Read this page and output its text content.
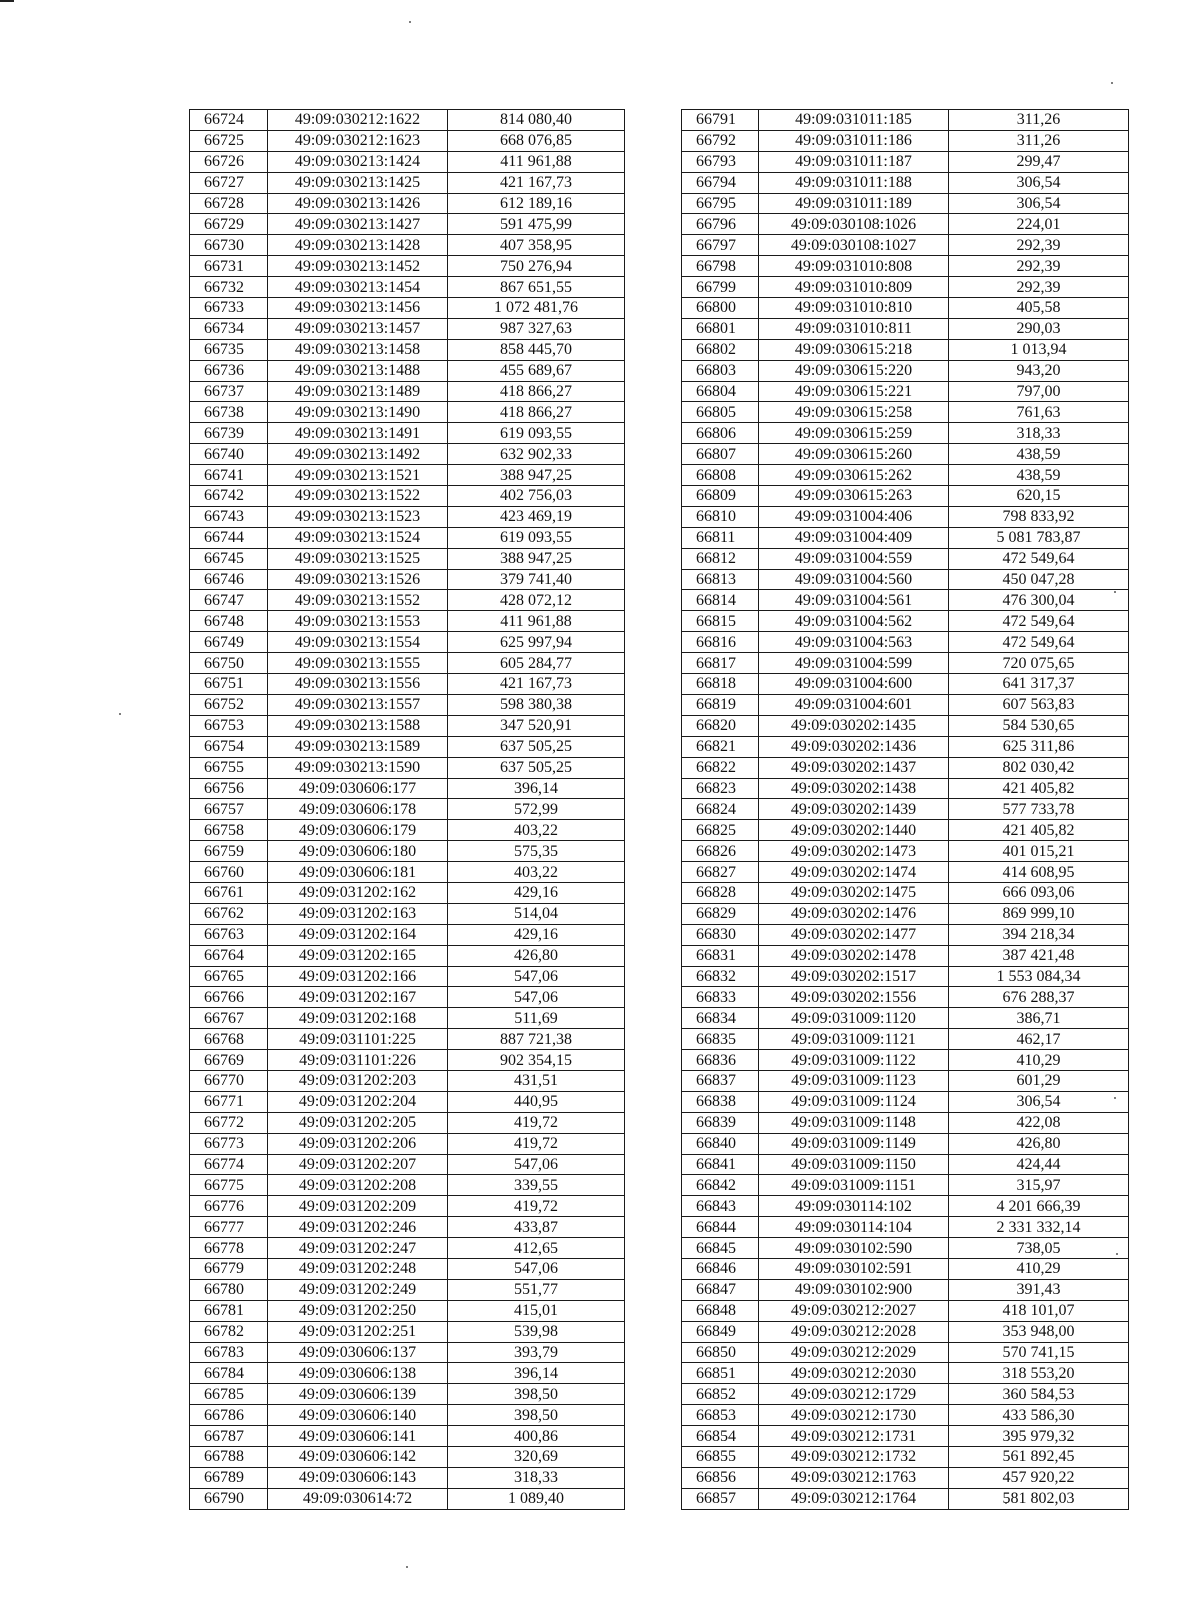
66724	49:09:030212:1622	814 080,40
66725	49:09:030212:1623	668 076,85
66726	49:09:030213:1424	411 961,88
66727	49:09:030213:1425	421 167,73
66728	49:09:030213:1426	612 189,16
66729	49:09:030213:1427	591 475,99
66730	49:09:030213:1428	407 358,95
66731	49:09:030213:1452	750 276,94
66732	49:09:030213:1454	867 651,55
66733	49:09:030213:1456	1 072 481,76
66734	49:09:030213:1457	987 327,63
66735	49:09:030213:1458	858 445,70
66736	49:09:030213:1488	455 689,67
66737	49:09:030213:1489	418 866,27
66738	49:09:030213:1490	418 866,27
66739	49:09:030213:1491	619 093,55
66740	49:09:030213:1492	632 902,33
66741	49:09:030213:1521	388 947,25
66742	49:09:030213:1522	402 756,03
66743	49:09:030213:1523	423 469,19
66744	49:09:030213:1524	619 093,55
66745	49:09:030213:1525	388 947,25
66746	49:09:030213:1526	379 741,40
66747	49:09:030213:1552	428 072,12
66748	49:09:030213:1553	411 961,88
66749	49:09:030213:1554	625 997,94
66750	49:09:030213:1555	605 284,77
66751	49:09:030213:1556	421 167,73
66752	49:09:030213:1557	598 380,38
66753	49:09:030213:1588	347 520,91
66754	49:09:030213:1589	637 505,25
66755	49:09:030213:1590	637 505,25
66756	49:09:030606:177	396,14
66757	49:09:030606:178	572,99
66758	49:09:030606:179	403,22
66759	49:09:030606:180	575,35
66760	49:09:030606:181	403,22
66761	49:09:031202:162	429,16
66762	49:09:031202:163	514,04
66763	49:09:031202:164	429,16
66764	49:09:031202:165	426,80
66765	49:09:031202:166	547,06
66766	49:09:031202:167	547,06
66767	49:09:031202:168	511,69
66768	49:09:031101:225	887 721,38
66769	49:09:031101:226	902 354,15
66770	49:09:031202:203	431,51
66771	49:09:031202:204	440,95
66772	49:09:031202:205	419,72
66773	49:09:031202:206	419,72
66774	49:09:031202:207	547,06
66775	49:09:031202:208	339,55
66776	49:09:031202:209	419,72
66777	49:09:031202:246	433,87
66778	49:09:031202:247	412,65
66779	49:09:031202:248	547,06
66780	49:09:031202:249	551,77
66781	49:09:031202:250	415,01
66782	49:09:031202:251	539,98
66783	49:09:030606:137	393,79
66784	49:09:030606:138	396,14
66785	49:09:030606:139	398,50
66786	49:09:030606:140	398,50
66787	49:09:030606:141	400,86
66788	49:09:030606:142	320,69
66789	49:09:030606:143	318,33
66790	49:09:030614:72	1 089,40
66791	49:09:031011:185	311,26
66792	49:09:031011:186	311,26
66793	49:09:031011:187	299,47
66794	49:09:031011:188	306,54
66795	49:09:031011:189	306,54
66796	49:09:030108:1026	224,01
66797	49:09:030108:1027	292,39
66798	49:09:031010:808	292,39
66799	49:09:031010:809	292,39
66800	49:09:031010:810	405,58
66801	49:09:031010:811	290,03
66802	49:09:030615:218	1 013,94
66803	49:09:030615:220	943,20
66804	49:09:030615:221	797,00
66805	49:09:030615:258	761,63
66806	49:09:030615:259	318,33
66807	49:09:030615:260	438,59
66808	49:09:030615:262	438,59
66809	49:09:030615:263	620,15
66810	49:09:031004:406	798 833,92
66811	49:09:031004:409	5 081 783,87
66812	49:09:031004:559	472 549,64
66813	49:09:031004:560	450 047,28
66814	49:09:031004:561	476 300,04
66815	49:09:031004:562	472 549,64
66816	49:09:031004:563	472 549,64
66817	49:09:031004:599	720 075,65
66818	49:09:031004:600	641 317,37
66819	49:09:031004:601	607 563,83
66820	49:09:030202:1435	584 530,65
66821	49:09:030202:1436	625 311,86
66822	49:09:030202:1437	802 030,42
66823	49:09:030202:1438	421 405,82
66824	49:09:030202:1439	577 733,78
66825	49:09:030202:1440	421 405,82
66826	49:09:030202:1473	401 015,21
66827	49:09:030202:1474	414 608,95
66828	49:09:030202:1475	666 093,06
66829	49:09:030202:1476	869 999,10
66830	49:09:030202:1477	394 218,34
66831	49:09:030202:1478	387 421,48
66832	49:09:030202:1517	1 553 084,34
66833	49:09:030202:1556	676 288,37
66834	49:09:031009:1120	386,71
66835	49:09:031009:1121	462,17
66836	49:09:031009:1122	410,29
66837	49:09:031009:1123	601,29
66838	49:09:031009:1124	306,54
66839	49:09:031009:1148	422,08
66840	49:09:031009:1149	426,80
66841	49:09:031009:1150	424,44
66842	49:09:031009:1151	315,97
66843	49:09:030114:102	4 201 666,39
66844	49:09:030114:104	2 331 332,14
66845	49:09:030102:590	738,05
66846	49:09:030102:591	410,29
66847	49:09:030102:900	391,43
66848	49:09:030212:2027	418 101,07
66849	49:09:030212:2028	353 948,00
66850	49:09:030212:2029	570 741,15
66851	49:09:030212:2030	318 553,20
66852	49:09:030212:1729	360 584,53
66853	49:09:030212:1730	433 586,30
66854	49:09:030212:1731	395 979,32
66855	49:09:030212:1732	561 892,45
66856	49:09:030212:1763	457 920,22
66857	49:09:030212:1764	581 802,03
